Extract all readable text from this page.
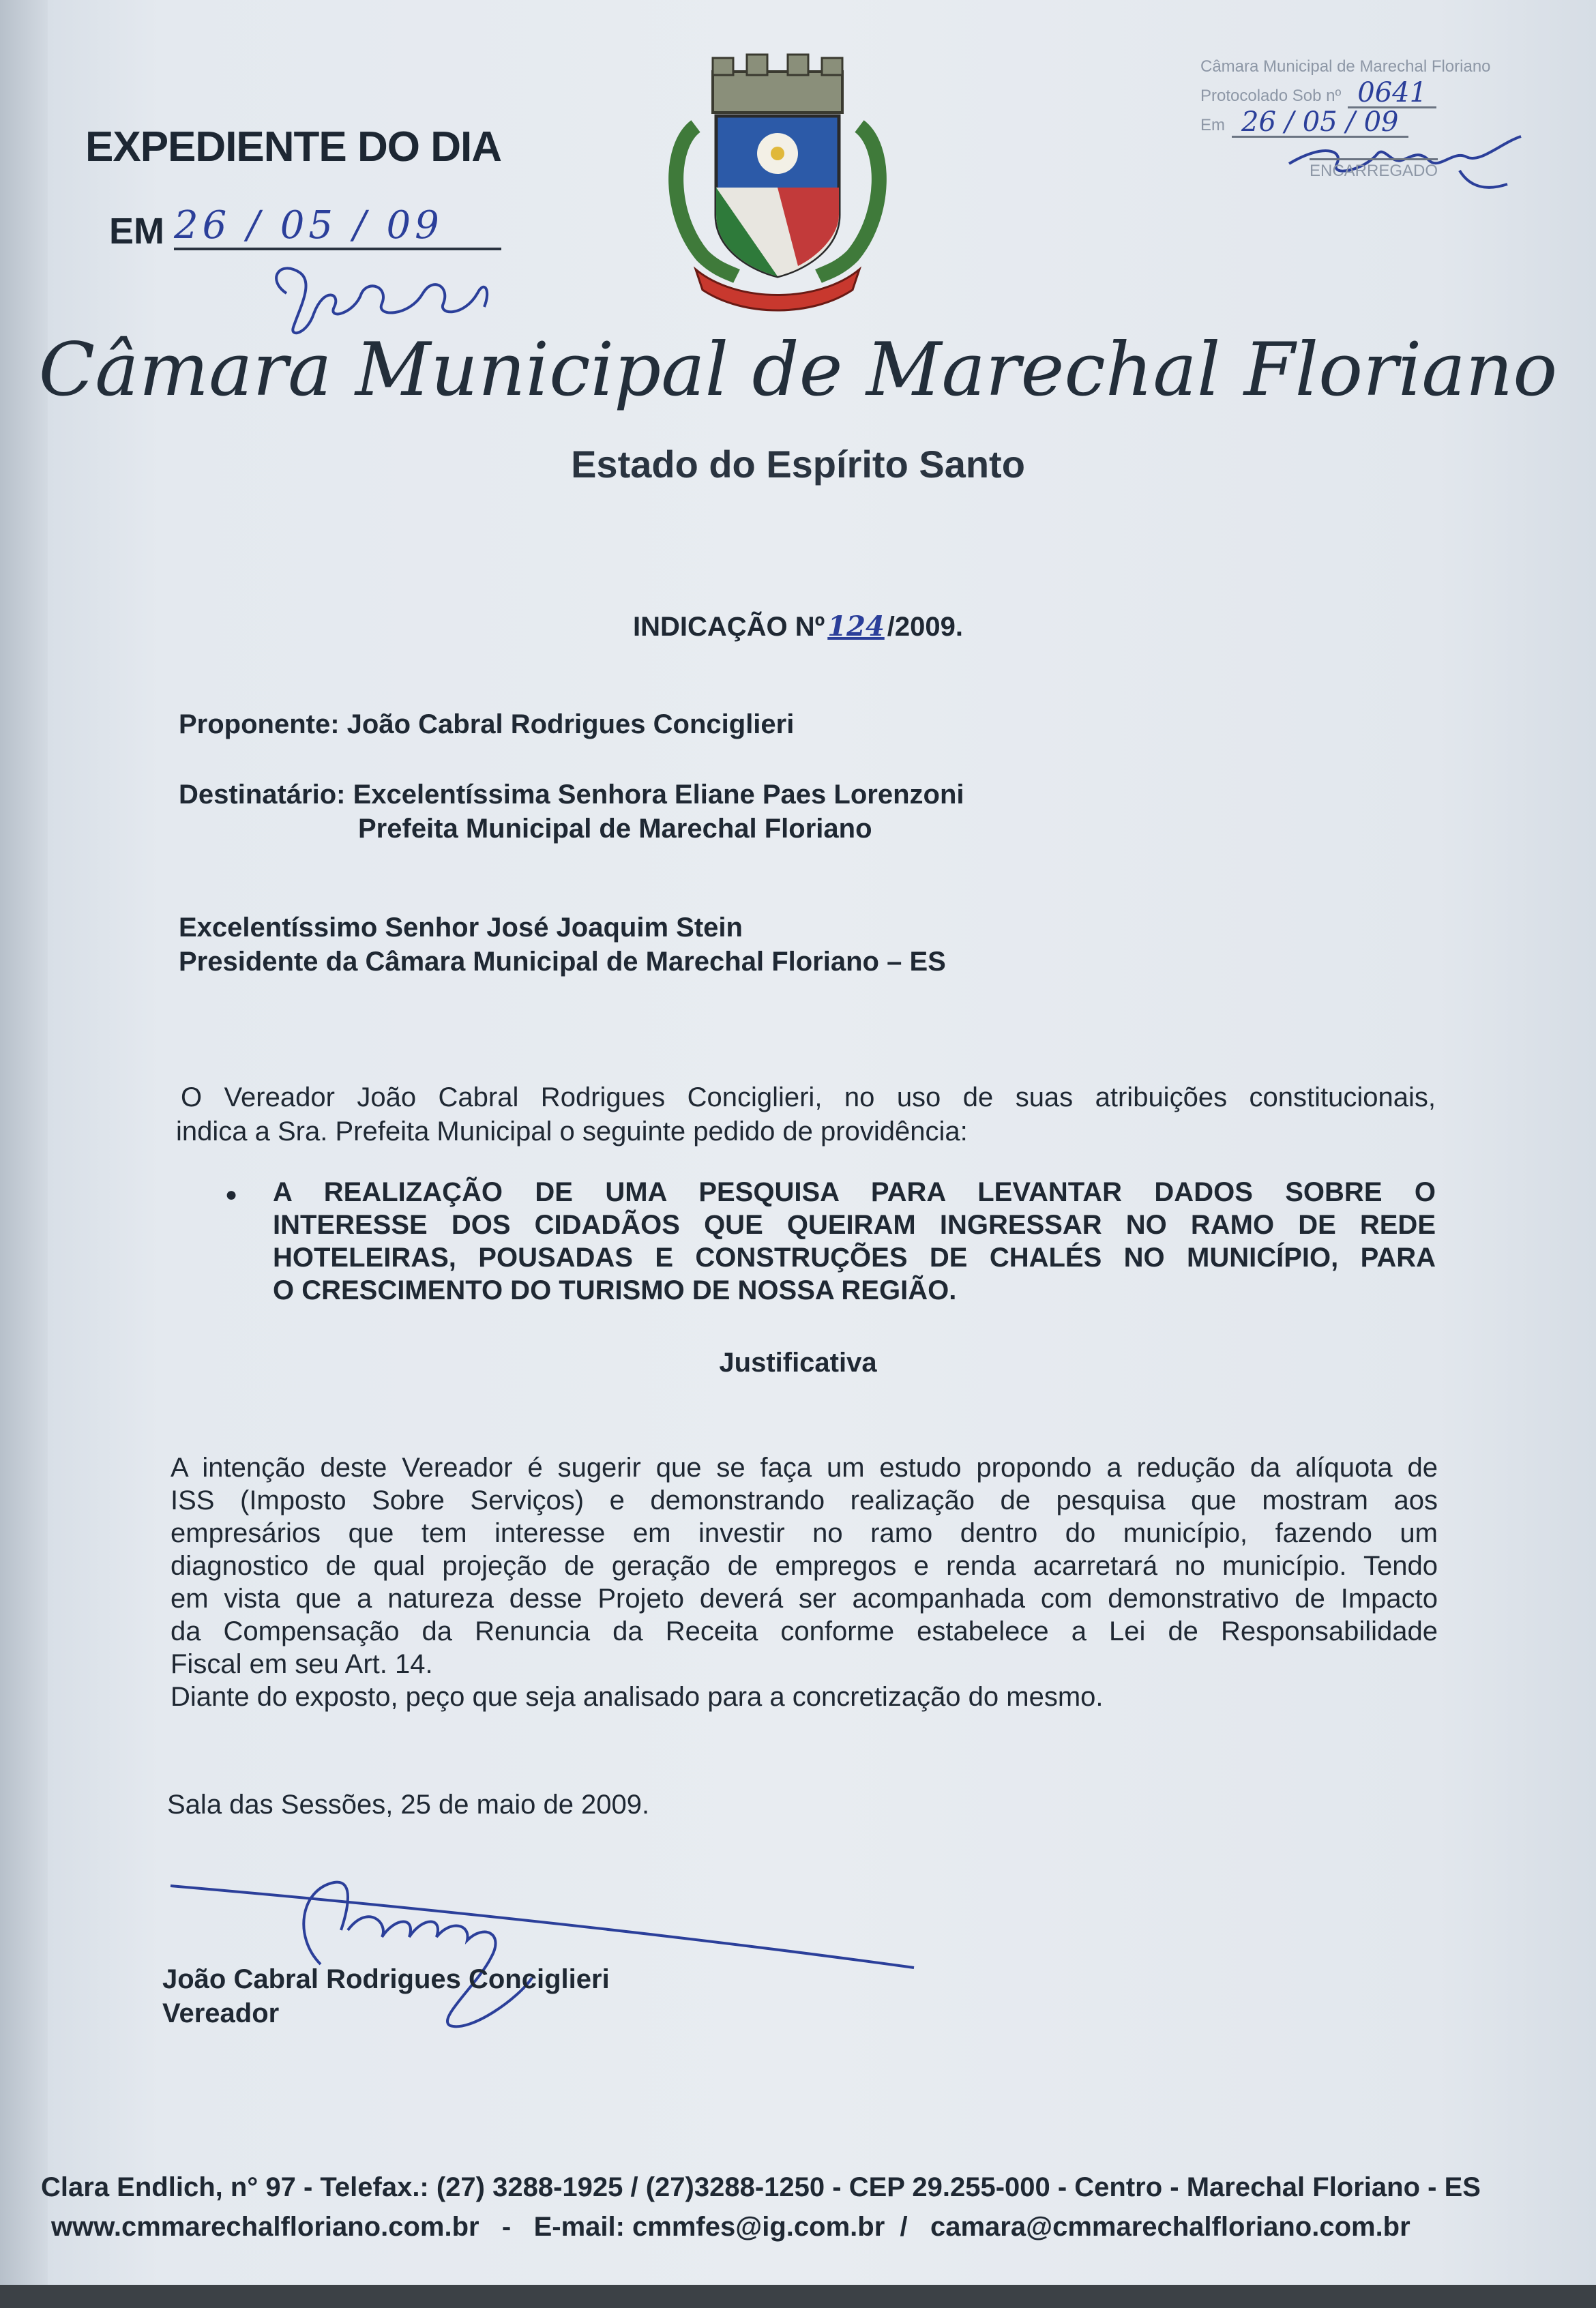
EXPEDIENTE DO DIA
EM 26 / 05 / 09
Câmara Municipal de Marechal Floriano
Protocolado Sob nº 0641
Em 26 / 05 / 09
ENCARREGADO
Câmara Municipal de Marechal Floriano
Estado do Espírito Santo
INDICAÇÃO Nº 124 /2009.
Proponente: João Cabral Rodrigues Conciglieri
Destinatário: Excelentíssima Senhora Eliane Paes Lorenzoni
Prefeita Municipal de Marechal Floriano
Excelentíssimo Senhor José Joaquim Stein
Presidente da Câmara Municipal de Marechal Floriano – ES
O Vereador João Cabral Rodrigues Conciglieri, no uso de suas atribuições constitucionais,
indica a Sra. Prefeita Municipal o seguinte pedido de providência:
● A REALIZAÇÃO DE UMA PESQUISA PARA LEVANTAR DADOS SOBRE O
INTERESSE DOS CIDADÃOS QUE QUEIRAM INGRESSAR NO RAMO DE REDE
HOTELEIRAS, POUSADAS E CONSTRUÇÕES DE CHALÉS NO MUNICÍPIO, PARA
O CRESCIMENTO DO TURISMO DE NOSSA REGIÃO.
Justificativa
A intenção deste Vereador é sugerir que se faça um estudo propondo a redução da alíquota de
ISS (Imposto Sobre Serviços) e demonstrando realização de pesquisa que mostram aos
empresários que tem interesse em investir no ramo dentro do município, fazendo um
diagnostico de qual projeção de geração de empregos e renda acarretará no município. Tendo
em vista que a natureza desse Projeto deverá ser acompanhada com demonstrativo de Impacto
da Compensação da Renuncia da Receita conforme estabelece a Lei de Responsabilidade
Fiscal em seu Art. 14.
Diante do exposto, peço que seja analisado para a concretização do mesmo.
Sala das Sessões, 25 de maio de 2009.
João Cabral Rodrigues Conciglieri
Vereador
Clara Endlich, n° 97 - Telefax.: (27) 3288-1925 / (27)3288-1250 - CEP 29.255-000 - Centro - Marechal Floriano - ES
www.cmmarechalfloriano.com.br   -   E-mail: cmmfes@ig.com.br  /   camara@cmmarechalfloriano.com.br
